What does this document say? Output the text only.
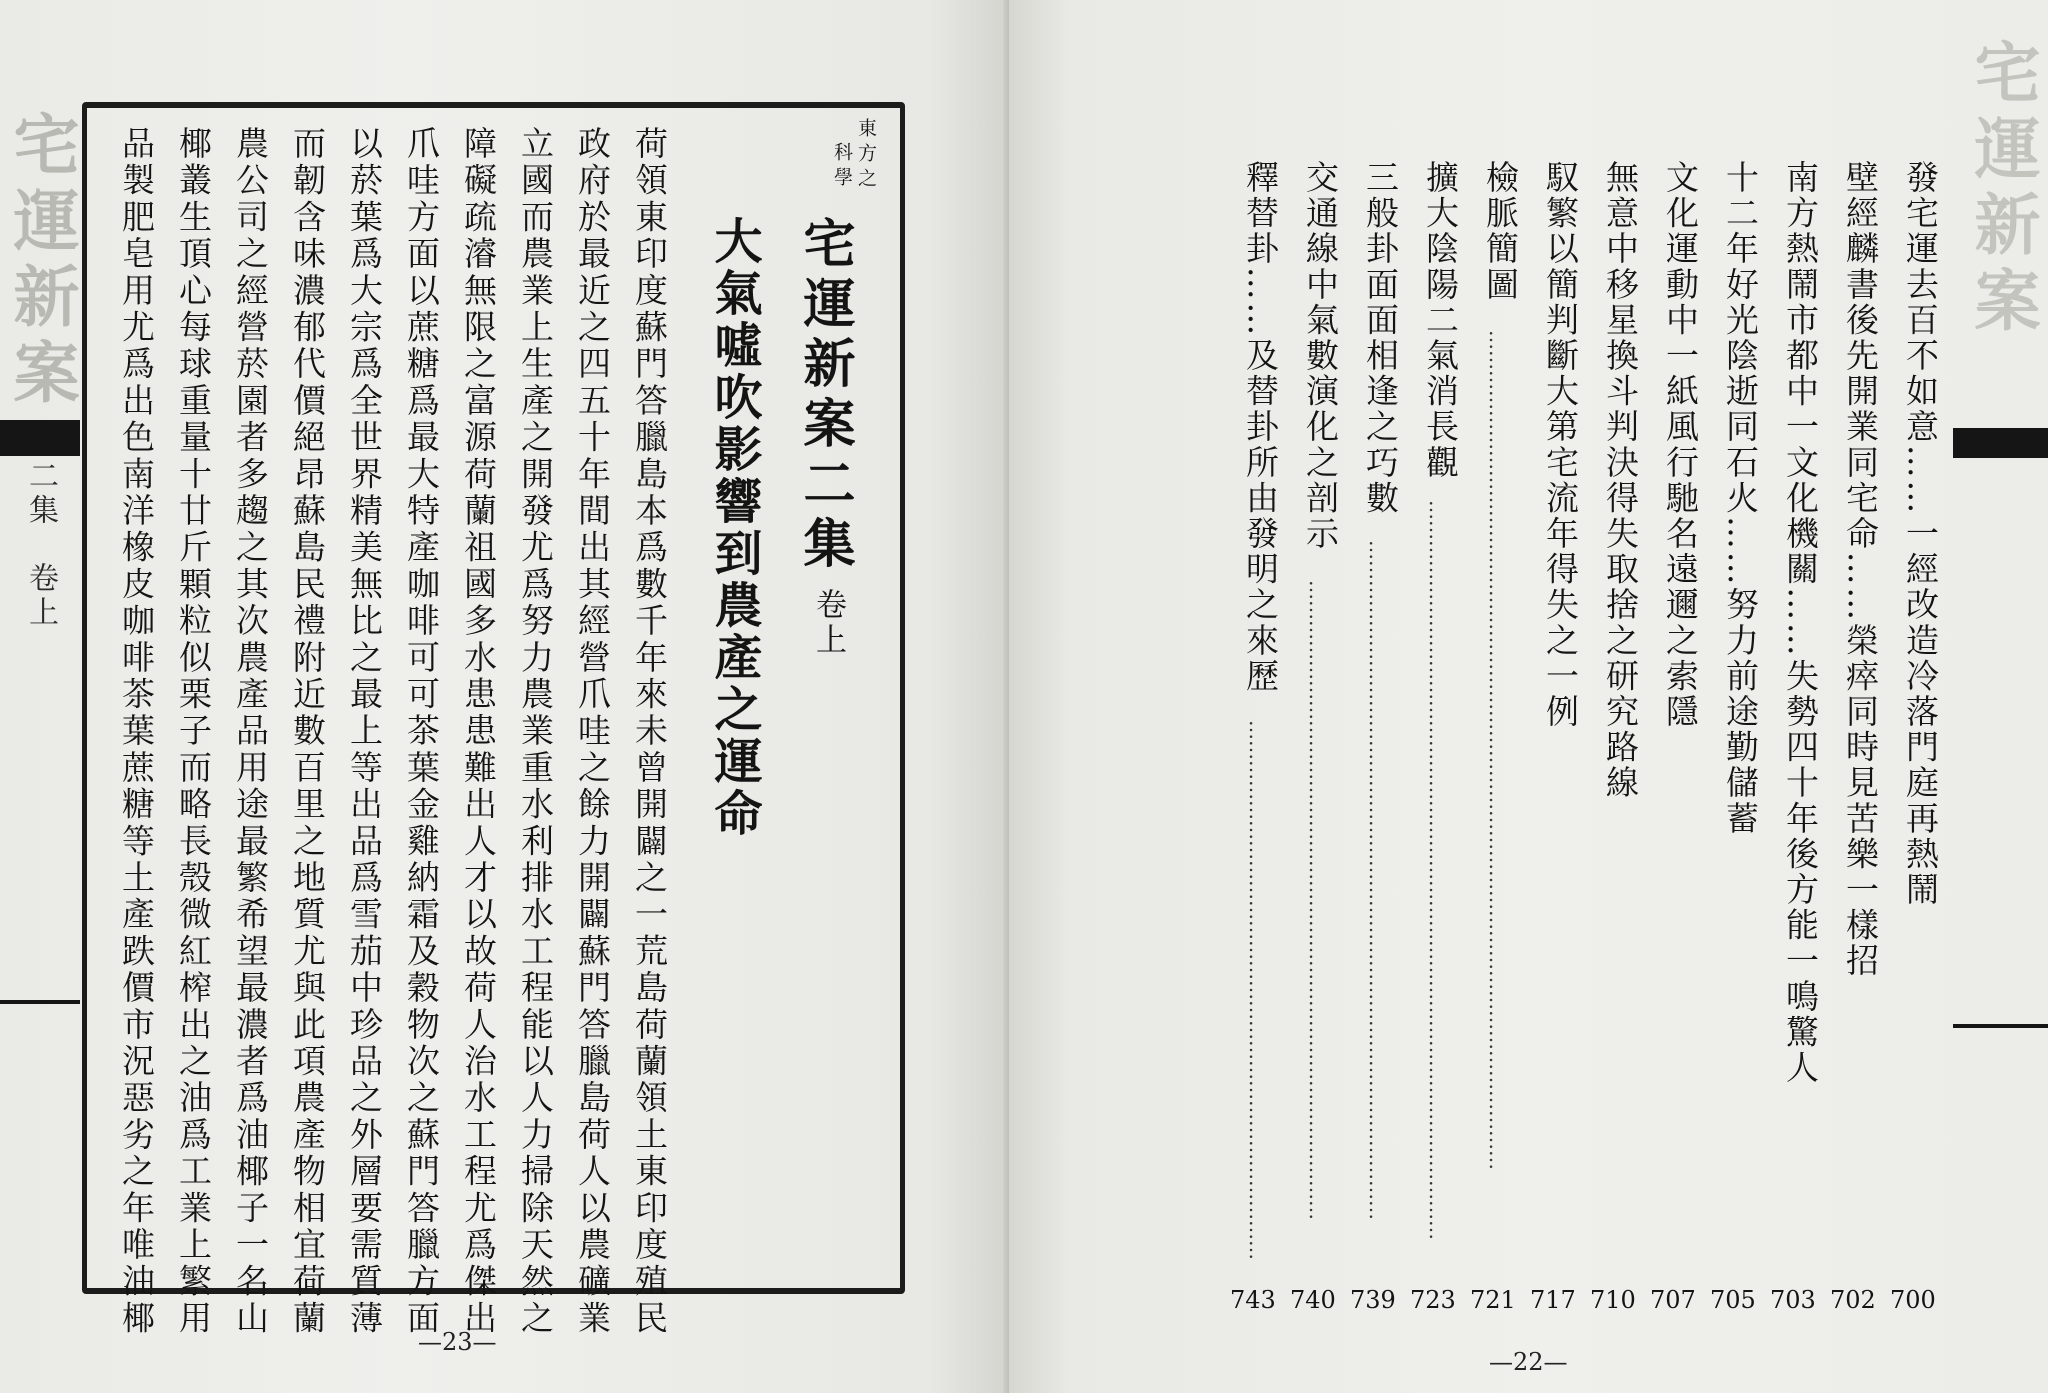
宅運新案
二集　卷上
東方之
科學
宅運新案二集
卷上
大氣噓吹影響到農產之運命
荷領東印度蘇門答臘島本爲數千年來未曾開闢之一荒島荷蘭領土東印度殖民
政府於最近之四五十年間出其經營爪哇之餘力開闢蘇門答臘島荷人以農礦業
立國而農業上生產之開發尤爲努力農業重水利排水工程能以人力掃除天然之
障礙疏濬無限之富源荷蘭祖國多水患患難出人才以故荷人治水工程尤爲傑出
爪哇方面以蔗糖爲最大特產咖啡可可茶葉金雞納霜及穀物次之蘇門答臘方面
以菸葉爲大宗爲全世界精美無比之最上等出品爲雪茄中珍品之外層要需質薄
而韌含味濃郁代價絕昂蘇島民禮附近數百里之地質尤與此項農產物相宜荷蘭
農公司之經營菸園者多趨之其次農產品用途最繁希望最濃者爲油椰子一名山
椰叢生頂心每球重量十廿斤顆粒似栗子而略長殼微紅榨出之油爲工業上繁用
品製肥皂用尤爲出色南洋橡皮咖啡茶葉蔗糖等土產跌價市況惡劣之年唯油椰
—23—
宅運新案
發宅運去百不如意……一經改造冷落門庭再熱鬧
700
壁經麟書後先開業同宅命……榮瘁同時見苦樂一樣招
702
南方熱鬧市都中一文化機關……失勢四十年後方能一鳴驚人
703
十二年好光陰逝同石火……努力前途勤儲蓄
705
文化運動中一紙風行馳名遠邇之索隱
707
無意中移星換斗判決得失取捨之研究路線
710
馭繁以簡判斷大第宅流年得失之一例
717
檢脈簡圖
………………………………………………………………………………………………………………
721
擴大陰陽二氣消長觀
…………………………………………………………………………………………………
723
三般卦面面相逢之巧數
…………………………………………………………………………………………
739
交通線中氣數演化之剖示
……………………………………………………………………………………
740
釋替卦……及替卦所由發明之來歷
………………………………………………………………………
743
—22—
